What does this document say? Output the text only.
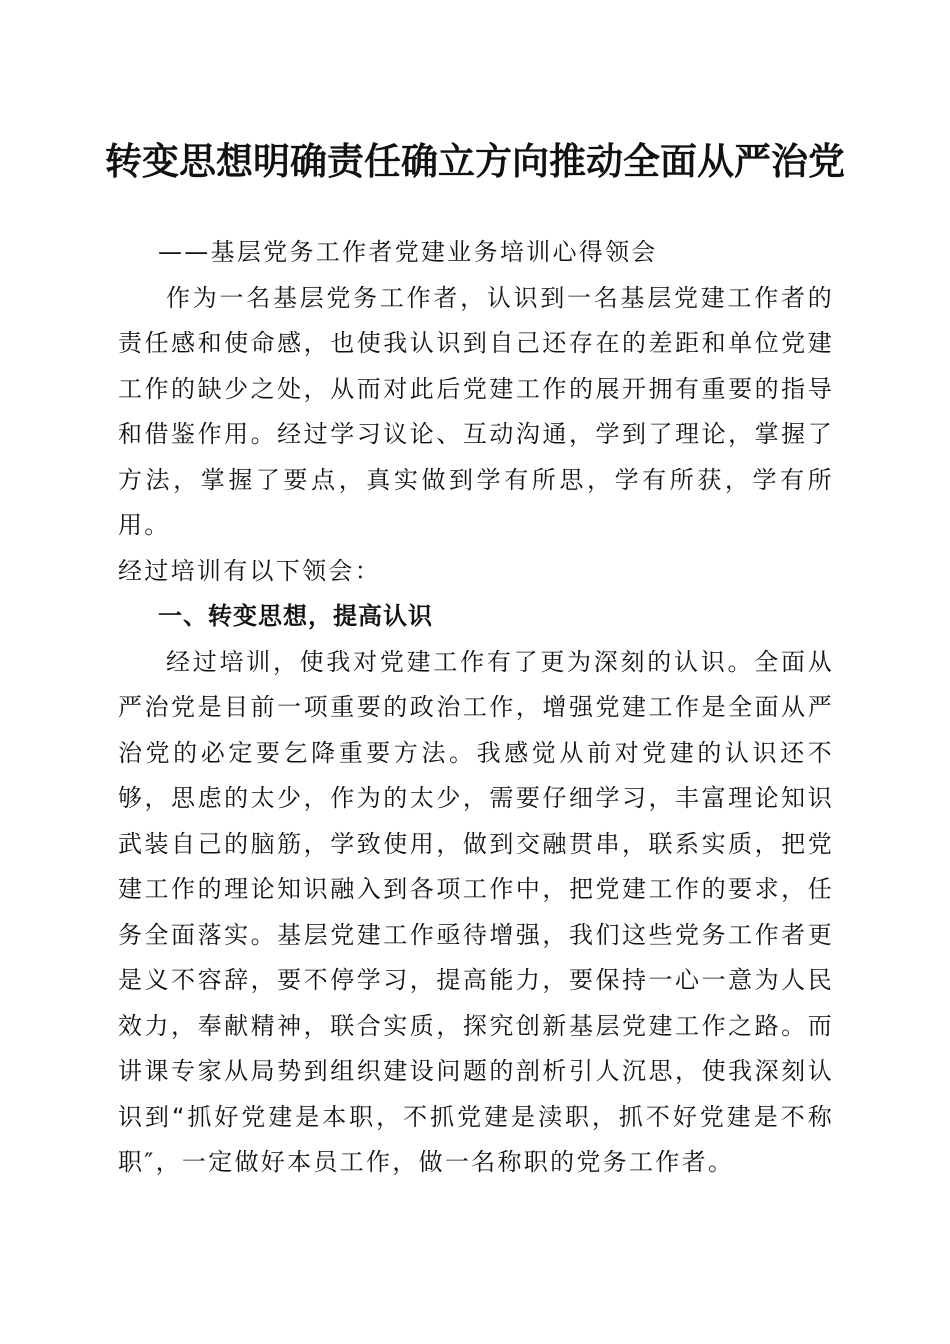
转变思想明确责任确立方向推动全面从严治党

——基层党务工作者党建业务培训心得领会

作为一名基层党务工作者，认识到一名基层党建工作者的责任感和使命感，也使我认识到自己还存在的差距和单位党建工作的缺少之处，从而对此后党建工作的展开拥有重要的指导和借鉴作用。经过学习议论、互动沟通，学到了理论，掌握了方法，掌握了要点，真实做到学有所思，学有所获，学有所用。

经过培训有以下领会：

一、转变思想，提高认识

经过培训，使我对党建工作有了更为深刻的认识。全面从严治党是目前一项重要的政治工作，增强党建工作是全面从严治党的必定要乞降重要方法。我感觉从前对党建的认识还不够，思虑的太少，作为的太少，需要仔细学习，丰富理论知识武装自己的脑筋，学致使用，做到交融贯串，联系实质，把党建工作的理论知识融入到各项工作中，把党建工作的要求，任务全面落实。基层党建工作亟待增强，我们这些党务工作者更是义不容辞，要不停学习，提高能力，要保持一心一意为人民效力，奉献精神，联合实质，探究创新基层党建工作之路。而讲课专家从局势到组织建设问题的剖析引人沉思，使我深刻认识到“抓好党建是本职，不抓党建是渎职，抓不好党建是不称职″，一定做好本员工作，做一名称职的党务工作者。
